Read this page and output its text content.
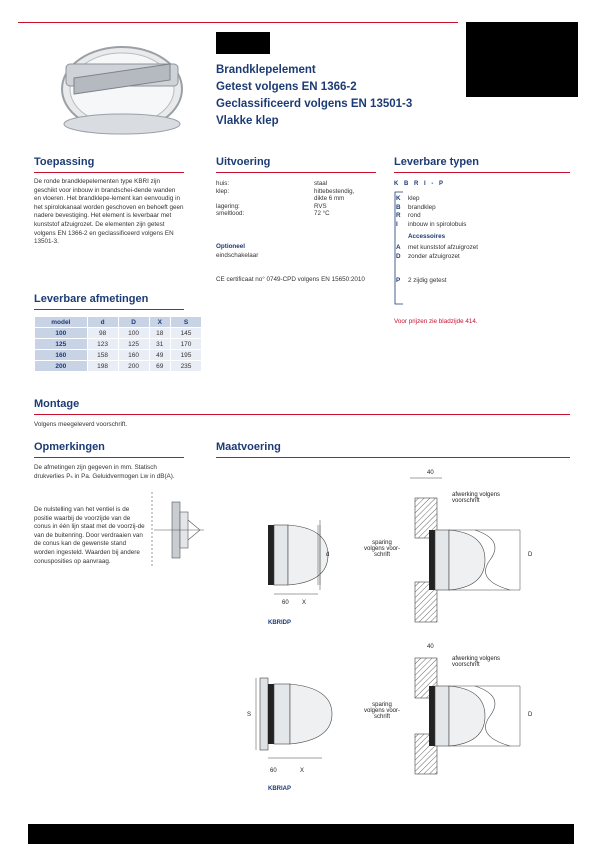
Brandklepelement
Getest volgens EN 1366-2
Geclassificeerd volgens EN 13501-3
Vlakke klep
Toepassing
De ronde brandklepelementen type KBRI zijn geschikt voor inbouw in brandschei-dende wanden en vloeren. Het brandklepe-lement kan eenvoudig in het spirolokanaal worden geschoven en behoeft geen nadere bevestiging. Het element is leverbaar met kunststof afzuigrozet. De elementen zijn getest volgens EN 1366-2 en geclassificeerd volgens EN 13501-3.
Uitvoering
huis:	staal
klep:	hittebestendig,
	dikte 6 mm
lagering:	RVS
smeltlood:	72 °C
Optioneel
eindschakelaar
CE certificaat no° 0749-CPD volgens EN 15650:2010
Leverbare typen
K B R I - P
K klep
B brandklep
R rond
I inbouw in spirolobuis
Accessoires
A met kunststof afzuigrozet
D zonder afzuigrozet
P 2 zijdig getest
Voor prijzen zie bladzijde 414.
Leverbare afmetingen
model	d	D	X	S
100	98	100	18	145
125	123	125	31	170
160	158	160	49	195
200	198	200	69	235
Montage
Volgens meegeleverd voorschrift.
Opmerkingen
De afmetingen zijn gegeven in mm. Statisch drukverlies Pₛ in Pa. Geluidvermogen Lw in dB(A).
De nulstelling van het ventiel is de positie waarbij de voorzijde van de conus in één lijn staat met de voorzij-de van de buitenring. Door verdraaien van de conus kan de gewenste stand worden ingesteld. Waarden bij andere conusposities op aanvraag.
Maatvoering
d
60 X
40
D
afwerking volgens voorschrift
sparing volgens voor-schrift
KBRIDP
S
60	X
40
D
afwerking volgens voorschrift
sparing volgens voor-schrift
KBRIAP
